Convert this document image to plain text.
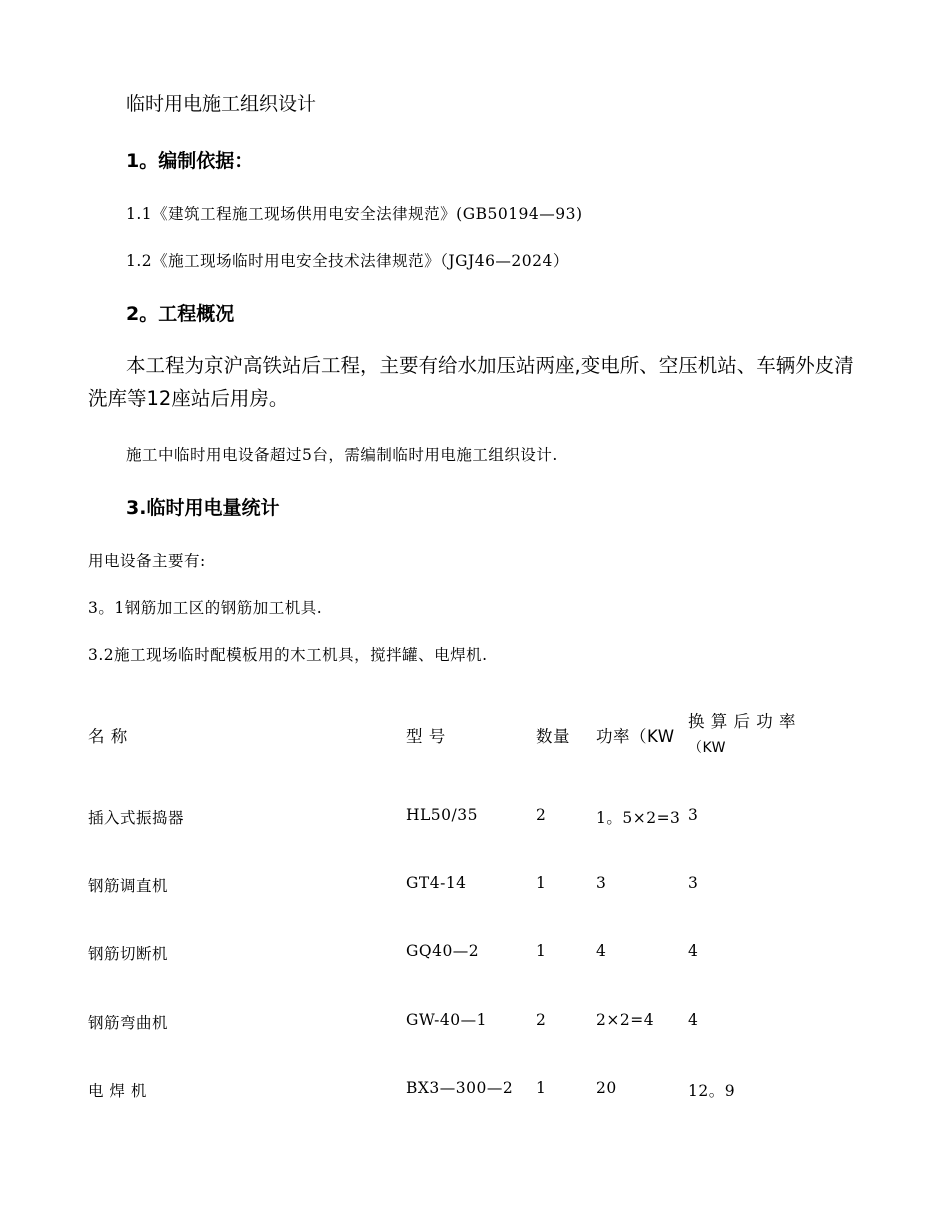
临时用电施工组织设计
1。编制依据：
1.1《建筑工程施工现场供用电安全法律规范》(GB50194—93)
1.2《施工现场临时用电安全技术法律规范》（JGJ46—2024）
2。工程概况
本工程为京沪高铁站后工程，主要有给水加压站两座,变电所、空压机站、车辆外皮清洗库等12座站后用房。
施工中临时用电设备超过5台，需编制临时用电施工组织设计.
3.临时用电量统计
用电设备主要有:
3。1钢筋加工区的钢筋加工机具.
3.2施工现场临时配模板用的木工机具，搅拌罐、电焊机.
名 称	型 号	数量 功率（KW
换 算 后 功 率
（KW
插入式振捣器	HL50/35	2	1。5×2=3 3
钢筋调直机	GT4-14	1	3	3
钢筋切断机	GQ40—2	1	4	4
钢筋弯曲机	GW-40—1	2	2×2=4 4
电 焊 机	BX3—300—2 1	20	12。9
